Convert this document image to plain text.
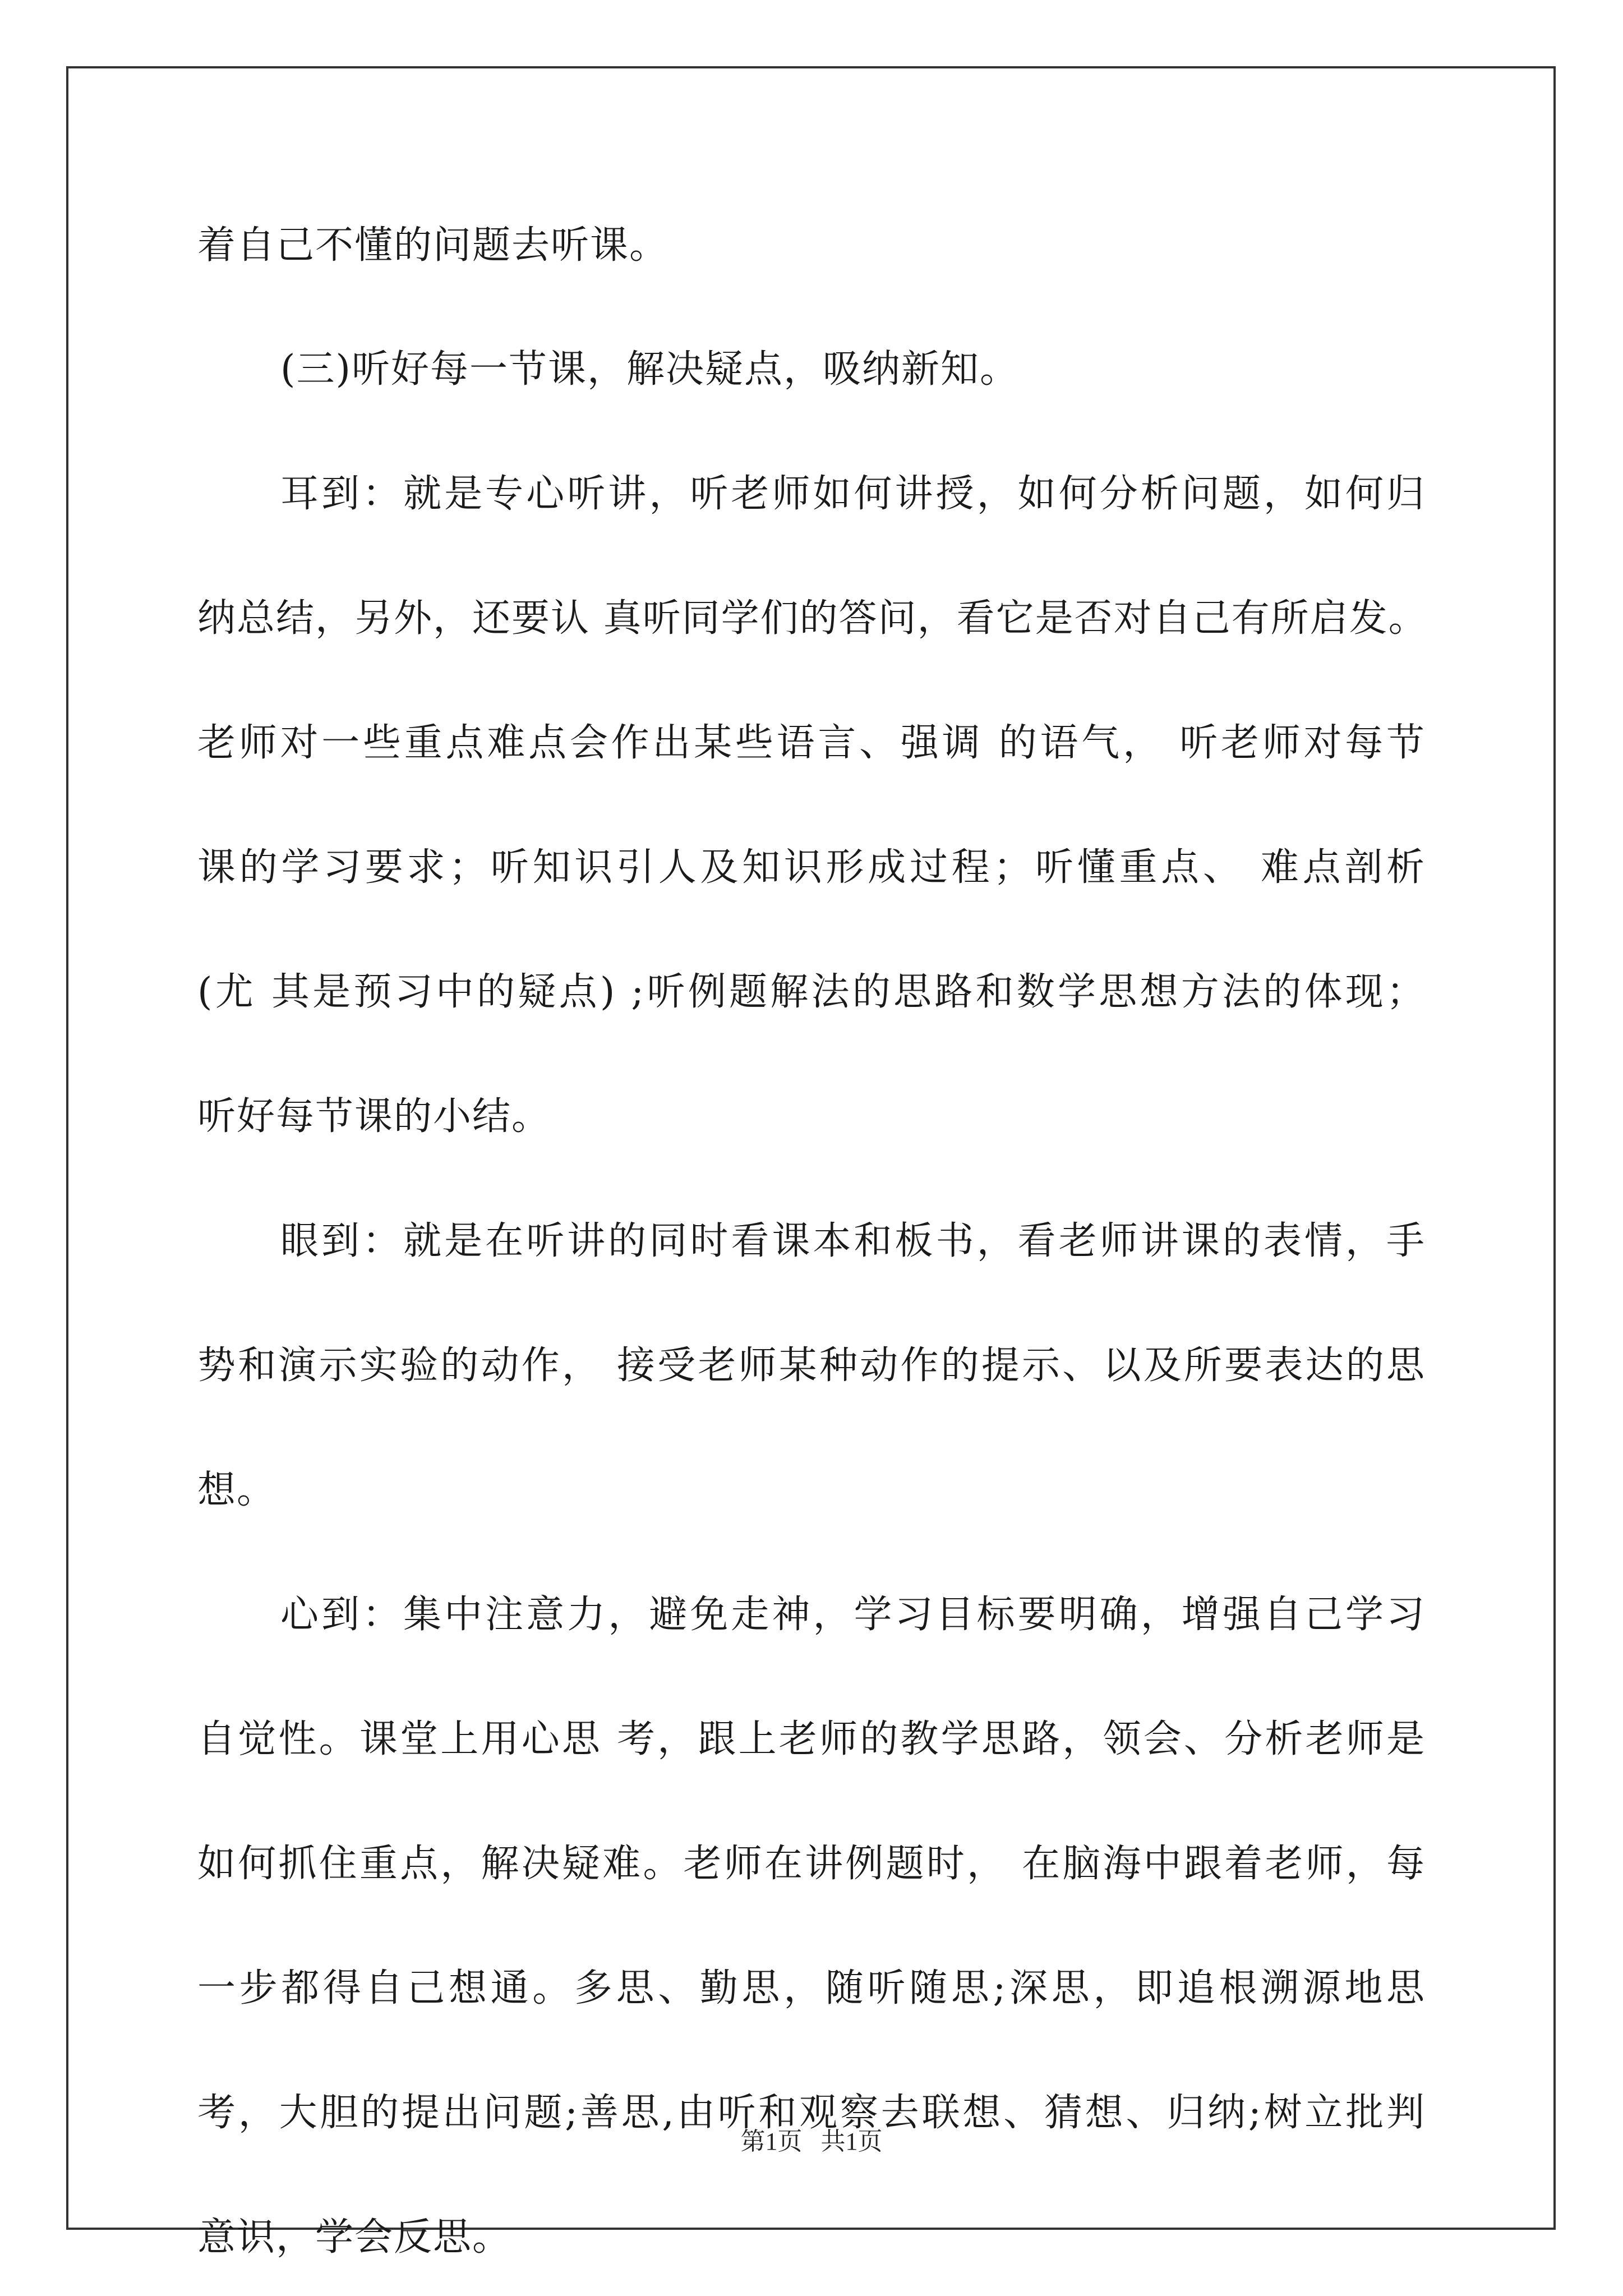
着自己不懂的问题去听课。
(三)听好每一节课，解决疑点，吸纳新知。
耳到：就是专心听讲，听老师如何讲授，如何分析问题，如何归
纳总结，另外，还要认 真听同学们的答问，看它是否对自己有所启发。
老师对一些重点难点会作出某些语言、强调 的语气， 听老师对每节
课的学习要求；听知识引人及知识形成过程；听懂重点、 难点剖析
(尤 其是预习中的疑点) ;听例题解法的思路和数学思想方法的体现；
听好每节课的小结。
眼到：就是在听讲的同时看课本和板书，看老师讲课的表情，手
势和演示实验的动作， 接受老师某种动作的提示、以及所要表达的思
想。
心到：集中注意力，避免走神，学习目标要明确，增强自己学习
自觉性。课堂上用心思 考，跟上老师的教学思路，领会、分析老师是
如何抓住重点，解决疑难。老师在讲例题时， 在脑海中跟着老师，每
一步都得自己想通。多思、勤思，随听随思;深思，即追根溯源地思
考，大胆的提出问题;善思,由听和观察去联想、猜想、归纳;树立批判
意识，学会反思。
第1页 共1页
